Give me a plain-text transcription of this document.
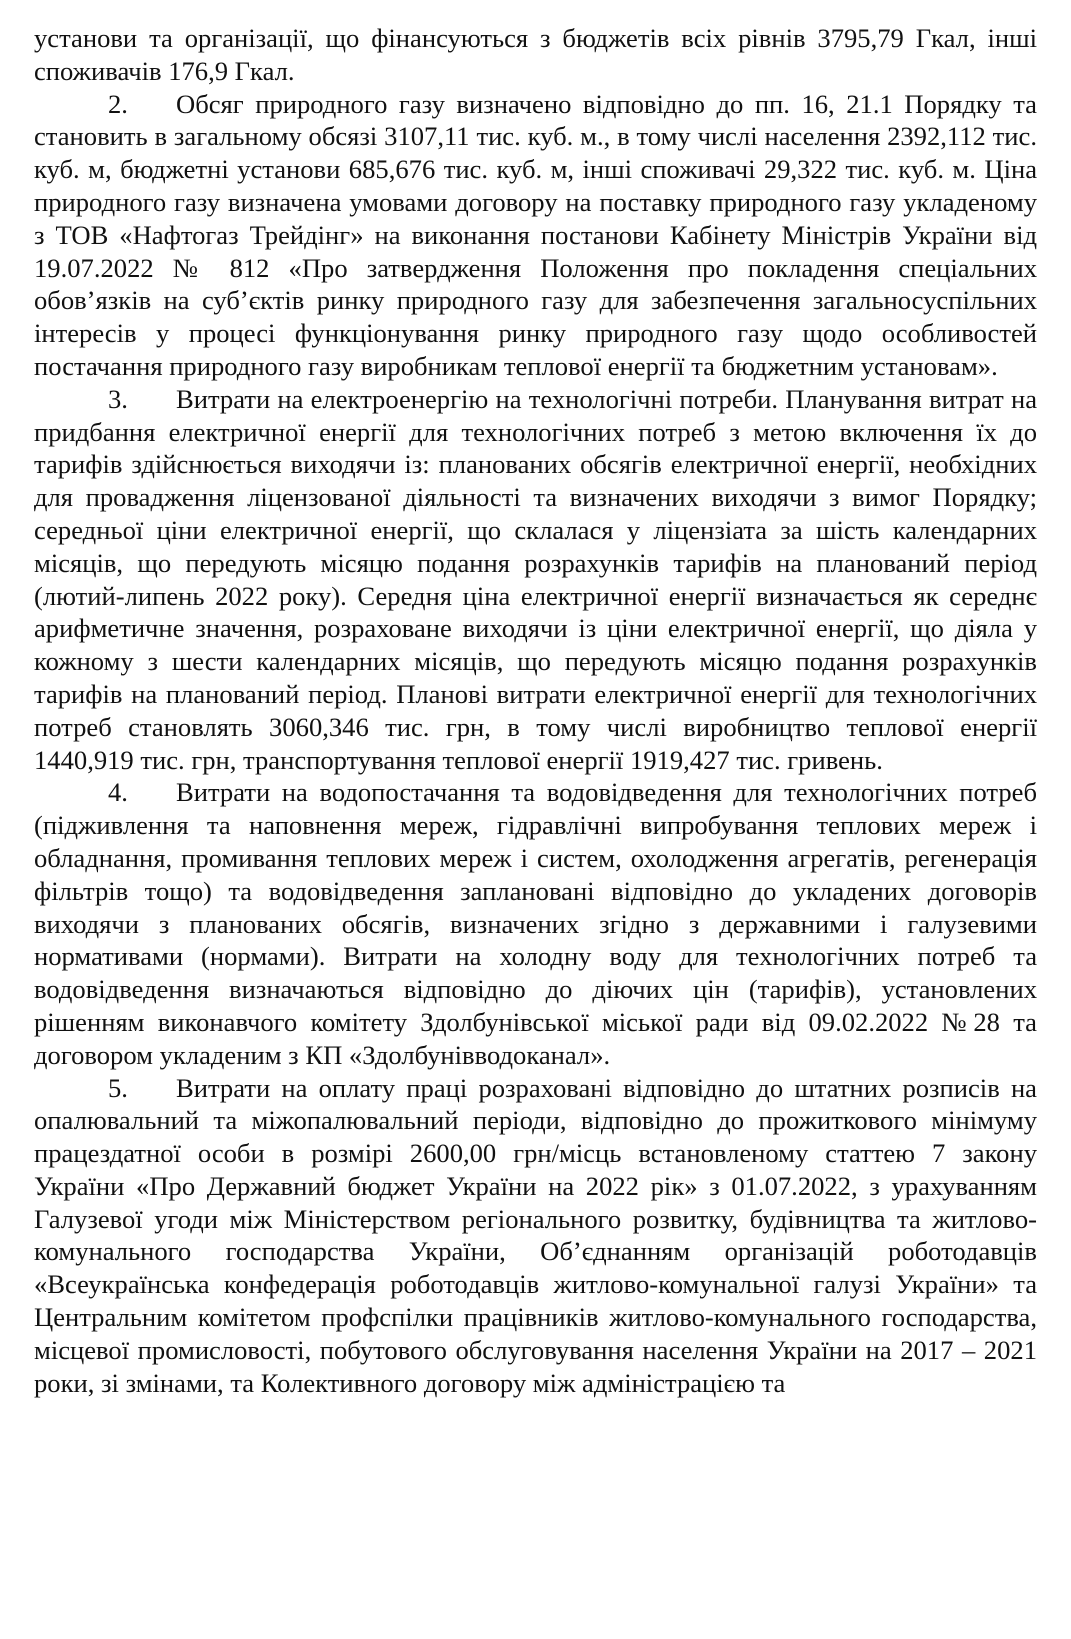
установи та організації, що фінансуються з бюджетів всіх рівнів 3795,79 Гкал, інші споживачів 176,9 Гкал.

2. Обсяг природного газу визначено відповідно до пп. 16, 21.1 Порядку та становить в загальному обсязі 3107,11 тис. куб. м., в тому числі населення 2392,112 тис. куб. м, бюджетні установи 685,676 тис. куб. м, інші споживачі 29,322 тис. куб. м. Ціна природного газу визначена умовами договору на поставку природного газу укладеному з ТОВ «Нафтогаз Трейдінг» на виконання постанови Кабінету Міністрів України від 19.07.2022 № 812 «Про затвердження Положення про покладення спеціальних обов’язків на суб’єктів ринку природного газу для забезпечення загальносуспільних інтересів у процесі функціонування ринку природного газу щодо особливостей постачання природного газу виробникам теплової енергії та бюджетним установам».

3. Витрати на електроенергію на технологічні потреби. Планування витрат на придбання електричної енергії для технологічних потреб з метою включення їх до тарифів здійснюється виходячи із: планованих обсягів електричної енергії, необхідних для провадження ліцензованої діяльності та визначених виходячи з вимог Порядку; середньої ціни електричної енергії, що склалася у ліцензіата за шість календарних місяців, що передують місяцю подання розрахунків тарифів на планований період (лютий-липень 2022 року). Середня ціна електричної енергії визначається як середнє арифметичне значення, розраховане виходячи із ціни електричної енергії, що діяла у кожному з шести календарних місяців, що передують місяцю подання розрахунків тарифів на планований період. Планові витрати електричної енергії для технологічних потреб становлять 3060,346 тис. грн, в тому числі виробництво теплової енергії 1440,919 тис. грн, транспортування теплової енергії 1919,427 тис. гривень.

4. Витрати на водопостачання та водовідведення для технологічних потреб (підживлення та наповнення мереж, гідравлічні випробування теплових мереж і обладнання, промивання теплових мереж і систем, охолодження агрегатів, регенерація фільтрів тощо) та водовідведення заплановані відповідно до укладених договорів виходячи з планованих обсягів, визначених згідно з державними і галузевими нормативами (нормами). Витрати на холодну воду для технологічних потреб та водовідведення визначаються відповідно до діючих цін (тарифів), установлених рішенням виконавчого комітету Здолбунівської міської ради від 09.02.2022 №28 та договором укладеним з КП «Здолбунівводоканал».

5. Витрати на оплату праці розраховані відповідно до штатних розписів на опалювальний та міжопалювальний періоди, відповідно до прожиткового мінімуму працездатної особи в розмірі 2600,00 грн/місць встановленому статтею 7 закону України «Про Державний бюджет України на 2022 рік» з 01.07.2022, з урахуванням Галузевої угоди між Міністерством регіонального розвитку, будівництва та житлово-комунального господарства України, Об’єднанням організацій роботодавців «Всеукраїнська конфедерація роботодавців житлово-комунальної галузі України» та Центральним комітетом профспілки працівників житлово-комунального господарства, місцевої промисловості, побутового обслуговування населення України на 2017 – 2021 роки, зі змінами, та Колективного договору між адміністрацією та
